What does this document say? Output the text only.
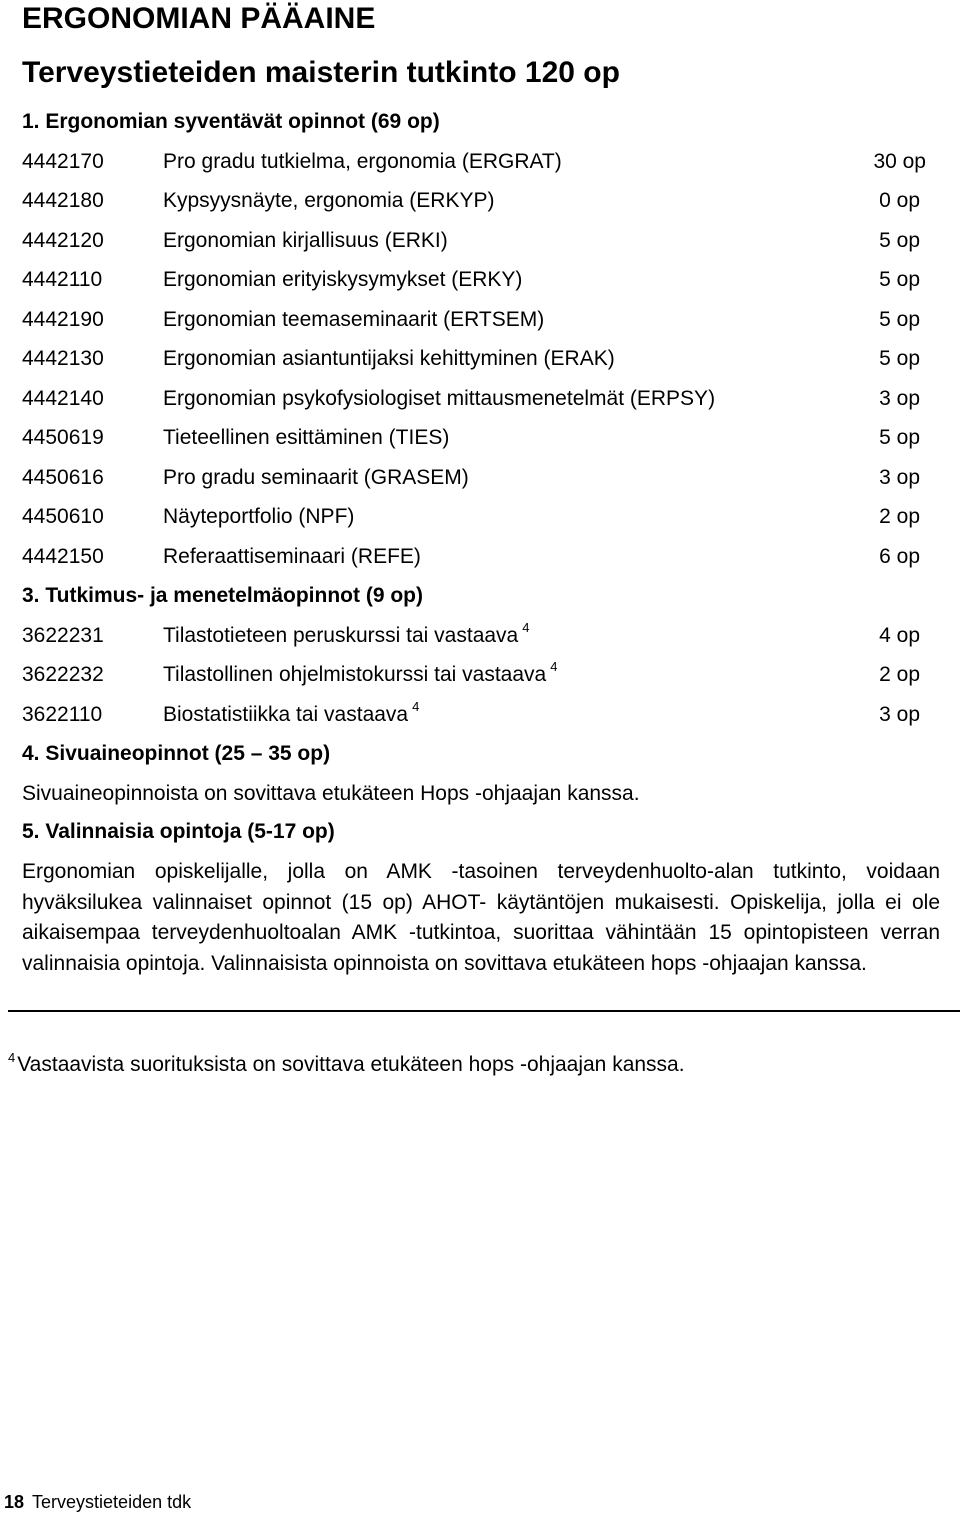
ERGONOMIAN PÄÄAINE
Terveystieteiden maisterin tutkinto 120 op
1. Ergonomian syventävät opinnot (69 op)
4442170	Pro gradu tutkielma, ergonomia (ERGRAT)	30 op
4442180	Kypsyysnäyte, ergonomia (ERKYP)	0 op
4442120	Ergonomian kirjallisuus (ERKI)	5 op
4442110	Ergonomian erityiskysymykset (ERKY)	5 op
4442190	Ergonomian teemaseminaarit (ERTSEM)	5 op
4442130	Ergonomian asiantuntijaksi kehittyminen (ERAK)	5 op
4442140	Ergonomian psykofysiologiset mittausmenetelmät (ERPSY)	3 op
4450619	Tieteellinen esittäminen (TIES)	5 op
4450616	Pro gradu seminaarit (GRASEM)	3 op
4450610	Näyteportfolio (NPF)	2 op
4442150	Referaattiseminaari (REFE)	6 op
3. Tutkimus- ja menetelmäopinnot (9 op)
3622231	Tilastotieteen peruskurssi tai vastaava $^4$	4 op
3622232	Tilastollinen ohjelmistokurssi tai vastaava $^4$	2 op
3622110	Biostatistiikka tai vastaava $^4$	3 op
4. Sivuaineopinnot (25 – 35 op)
Sivuaineopinnoista on sovittava etukäteen Hops -ohjaajan kanssa.
5. Valinnaisia opintoja (5-17 op)
Ergonomian opiskelijalle, jolla on AMK -tasoinen terveydenhuolto-alan tutkinto, voidaan hyväksilukea valinnaiset opinnot (15 op) AHOT- käytäntöjen mukaisesti. Opiskelija, jolla ei ole aikaisempaa terveydenhuoltoalan AMK -tutkintoa, suorittaa vähintään 15 opintopisteen verran valinnaisia opintoja. Valinnaisista opinnoista on sovittava etukäteen hops -ohjaajan kanssa.
$^4$Vastaavista suorituksista on sovittava etukäteen hops -ohjaajan kanssa.
18 Terveystieteiden tdk
